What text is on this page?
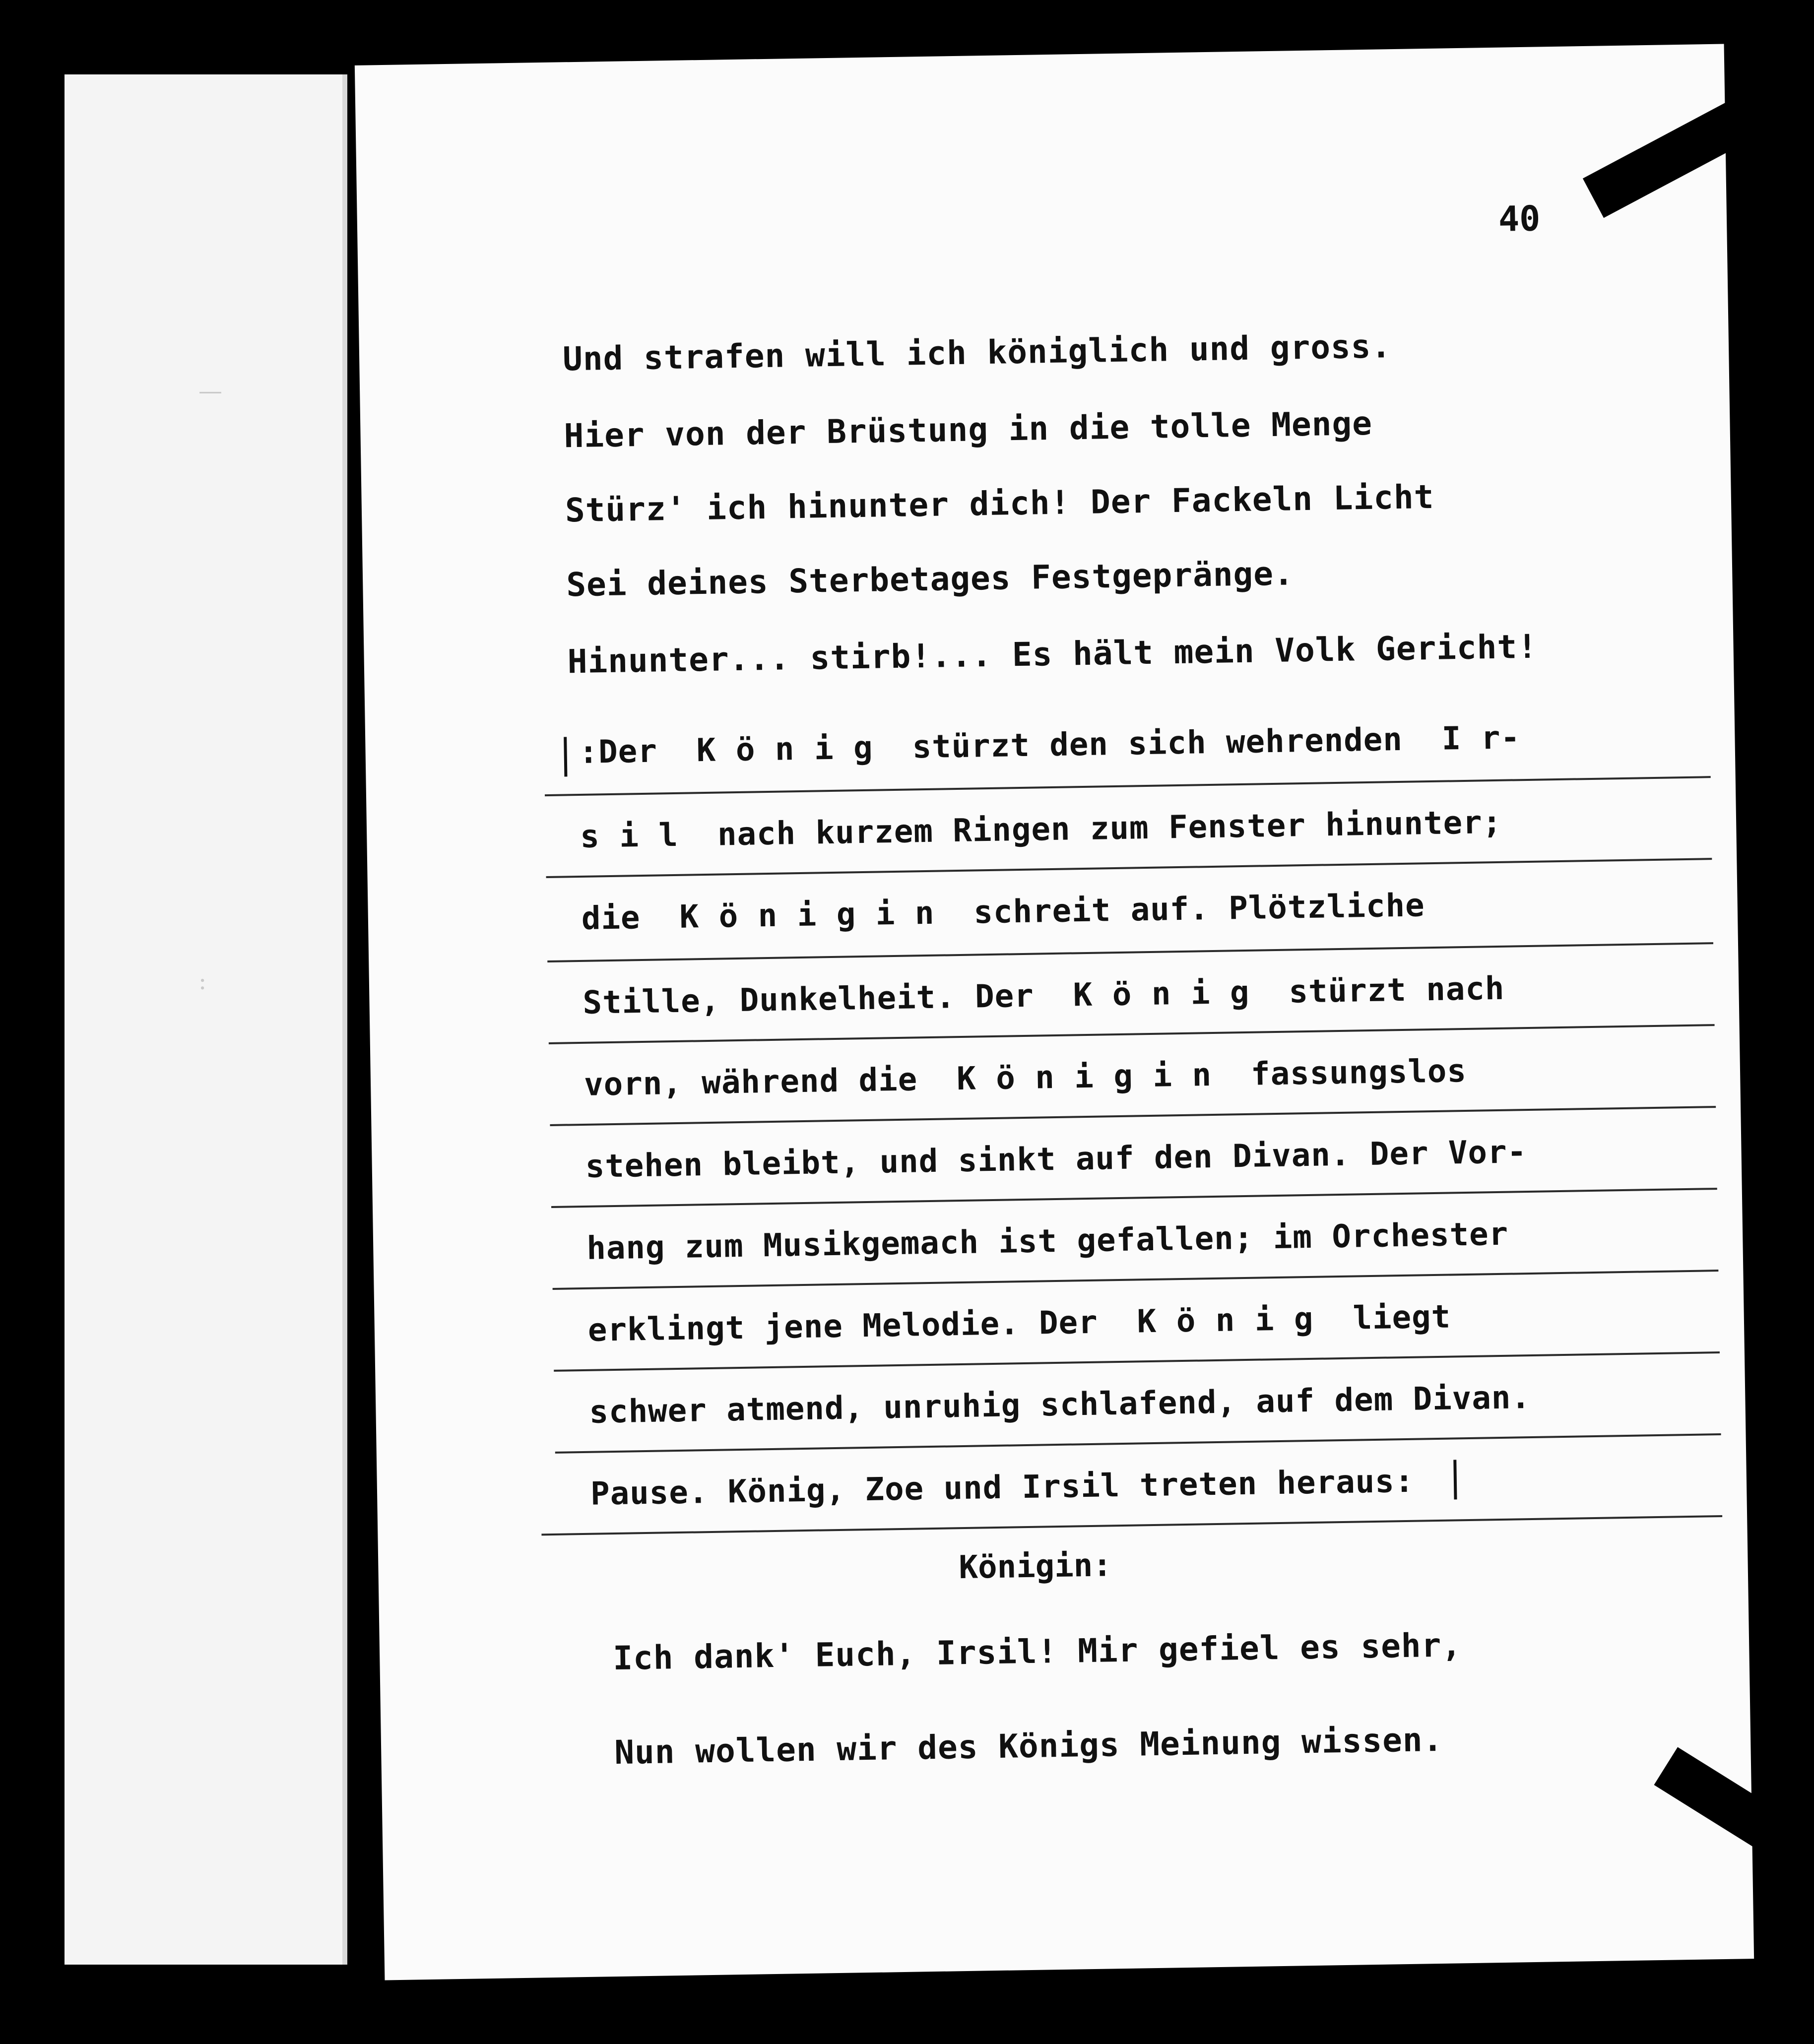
—
:
40
Und strafen will ich königlich und gross.
Hier von der Brüstung in die tolle Menge
Stürz' ich hinunter dich! Der Fackeln Licht
Sei deines Sterbetages Festgepränge.
Hinunter... stirb!... Es hält mein Volk Gericht!
:Der  K ö n i g  stürzt den sich wehrenden  I r-
s i l  nach kurzem Ringen zum Fenster hinunter;
die  K ö n i g i n  schreit auf. Plötzliche
Stille, Dunkelheit. Der  K ö n i g  stürzt nach
vorn, während die  K ö n i g i n  fassungslos
stehen bleibt, und sinkt auf den Divan. Der Vor-
hang zum Musikgemach ist gefallen; im Orchester
erklingt jene Melodie. Der  K ö n i g  liegt
schwer atmend, unruhig schlafend, auf dem Divan.
Pause. König, Zoe und Irsil treten heraus:
Königin:
Ich dank' Euch, Irsil! Mir gefiel es sehr,
Nun wollen wir des Königs Meinung wissen.
